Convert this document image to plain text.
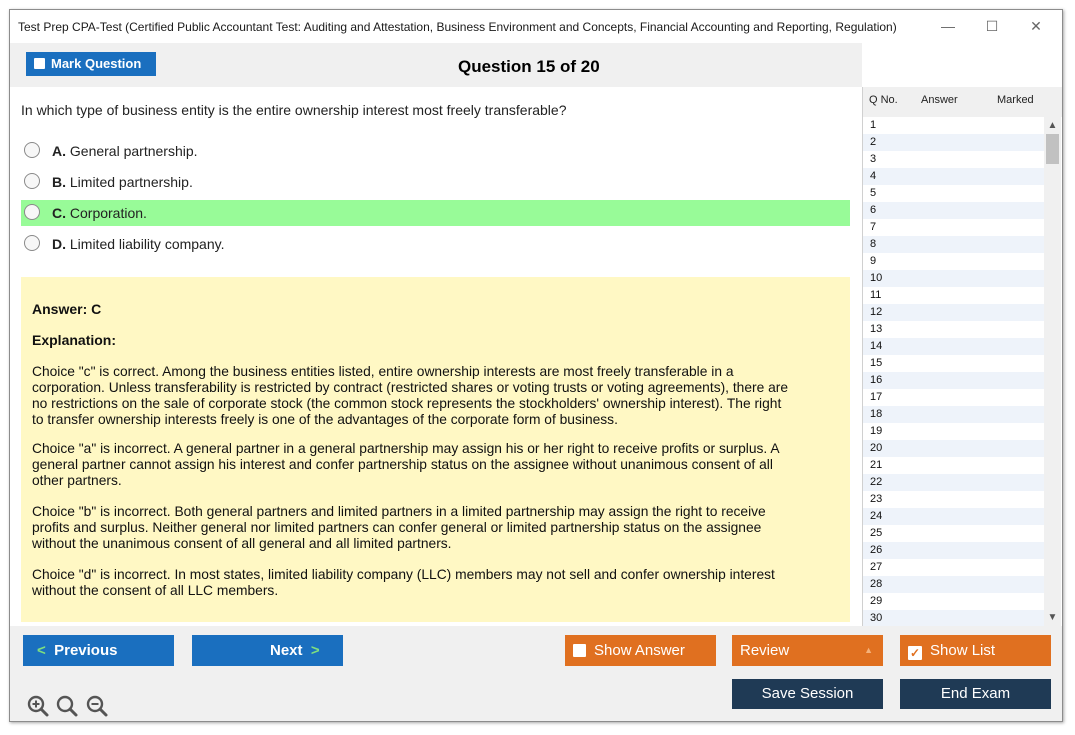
Test Prep CPA-Test (Certified Public Accountant Test: Auditing and Attestation, Business Environment and Concepts, Financial Accounting and Reporting, Regulation)	—	☐	✕
Mark Question	Question 15 of 20
In which type of business entity is the entire ownership interest most freely transferable?
A. General partnership.
B. Limited partnership.
C. Corporation.
D. Limited liability company.
Answer: C
Explanation:
Choice "c" is correct. Among the business entities listed, entire ownership interests are most freely transferable in a
corporation. Unless transferability is restricted by contract (restricted shares or voting trusts or voting agreements), there are
no restrictions on the sale of corporate stock (the common stock represents the stockholders' ownership interest). The right
to transfer ownership interests freely is one of the advantages of the corporate form of business.
Choice "a" is incorrect. A general partner in a general partnership may assign his or her right to receive profits or surplus. A
general partner cannot assign his interest and confer partnership status on the assignee without unanimous consent of all
other partners.
Choice "b" is incorrect. Both general partners and limited partners in a limited partnership may assign the right to receive
profits and surplus. Neither general nor limited partners can confer general or limited partnership status on the assignee
without the unanimous consent of all general and all limited partners.
Choice "d" is incorrect. In most states, limited liability company (LLC) members may not sell and confer ownership interest
without the consent of all LLC members.
Q No. Answer	Marked
1
2
3
4
5
6
7
8
9
10
11
12
13
14
15
16
17
18
19
20
21
22
23
24
25
26
27
28
29
30
▲
▼
< Previous	Next >	Show Answer	Review	▲	✓ Show List
Save Session	End Exam
